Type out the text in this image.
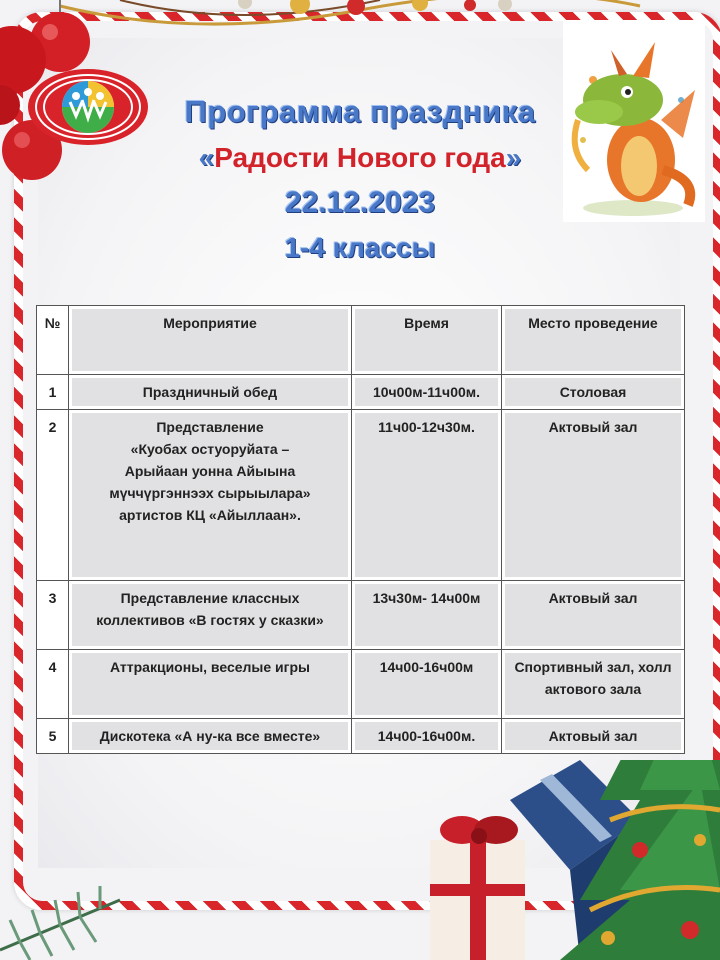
Программа праздника
«Радости Нового года»
22.12.2023
1-4 классы
№	Мероприятие	Время	Место проведение

1	Праздничный обед	10ч00м-11ч00м.	Столовая

2	Представление
«Куобах остуоруйата –
Арыйаан уонна Айыына
мүччүргэннээх сырыылара»
артистов КЦ «Айыллаан».	11ч00-12ч30м.	Актовый зал

3	Представление классных
коллективов «В гостях у сказки»	13ч30м- 14ч00м	Актовый зал

4	Аттракционы, веселые игры	14ч00-16ч00м	Спортивный зал, холл
актового зала

5	Дискотека «А ну-ка все вместе»	14ч00-16ч00м.	Актовый зал
